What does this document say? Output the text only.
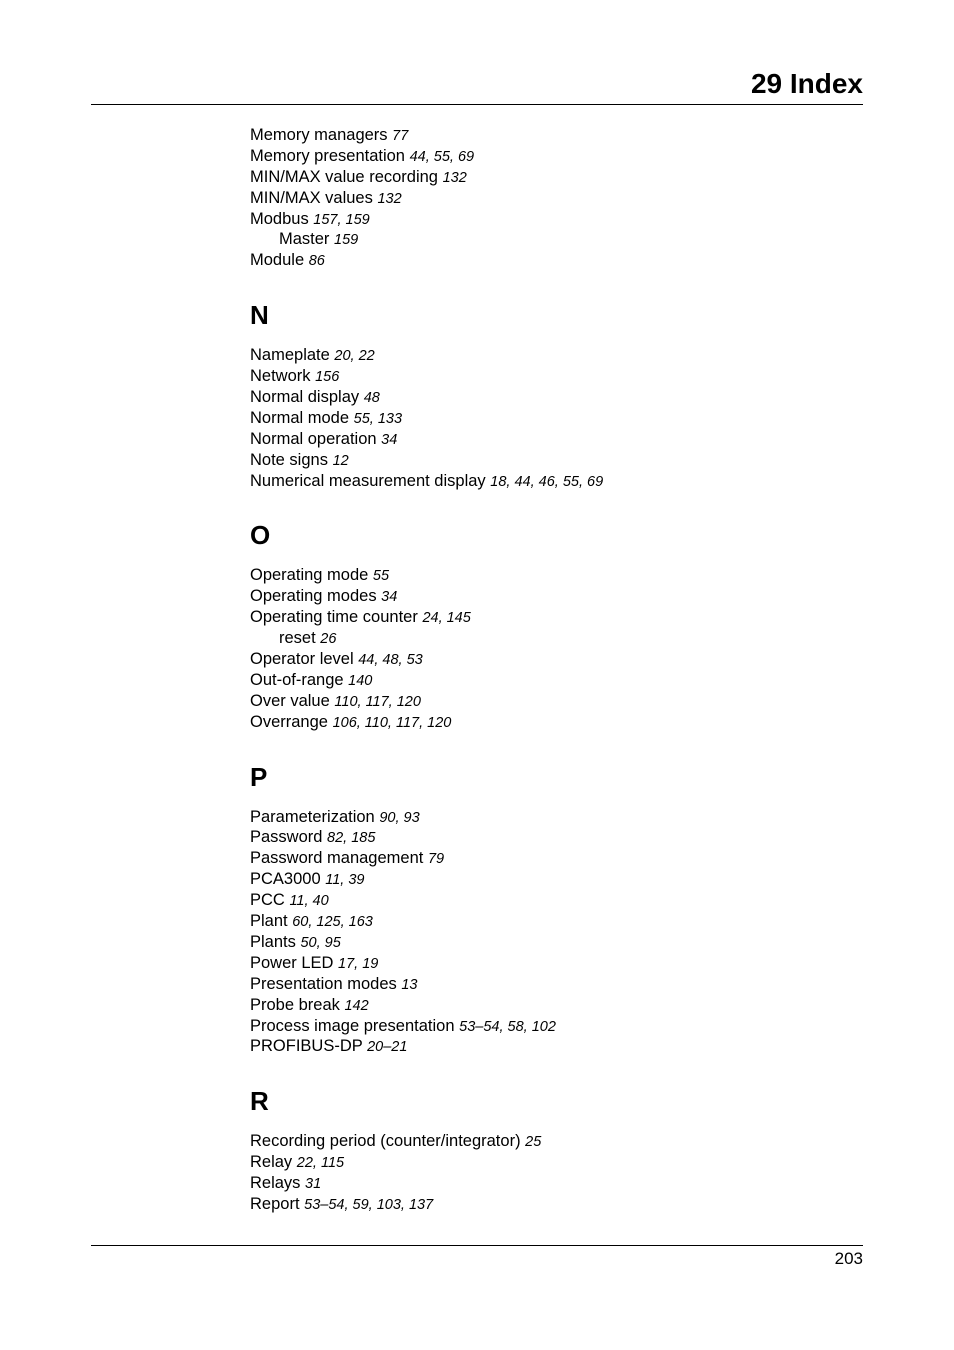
29 Index
Memory managers 77
Memory presentation 44, 55, 69
MIN/MAX value recording 132
MIN/MAX values 132
Modbus 157, 159
Master 159
Module 86
N
Nameplate 20, 22
Network 156
Normal display 48
Normal mode 55, 133
Normal operation 34
Note signs 12
Numerical measurement display 18, 44, 46, 55, 69
O
Operating mode 55
Operating modes 34
Operating time counter 24, 145
reset 26
Operator level 44, 48, 53
Out-of-range 140
Over value 110, 117, 120
Overrange 106, 110, 117, 120
P
Parameterization 90, 93
Password 82, 185
Password management 79
PCA3000 11, 39
PCC 11, 40
Plant 60, 125, 163
Plants 50, 95
Power LED 17, 19
Presentation modes 13
Probe break 142
Process image presentation 53–54, 58, 102
PROFIBUS-DP 20–21
R
Recording period (counter/integrator) 25
Relay 22, 115
Relays 31
Report 53–54, 59, 103, 137
203
